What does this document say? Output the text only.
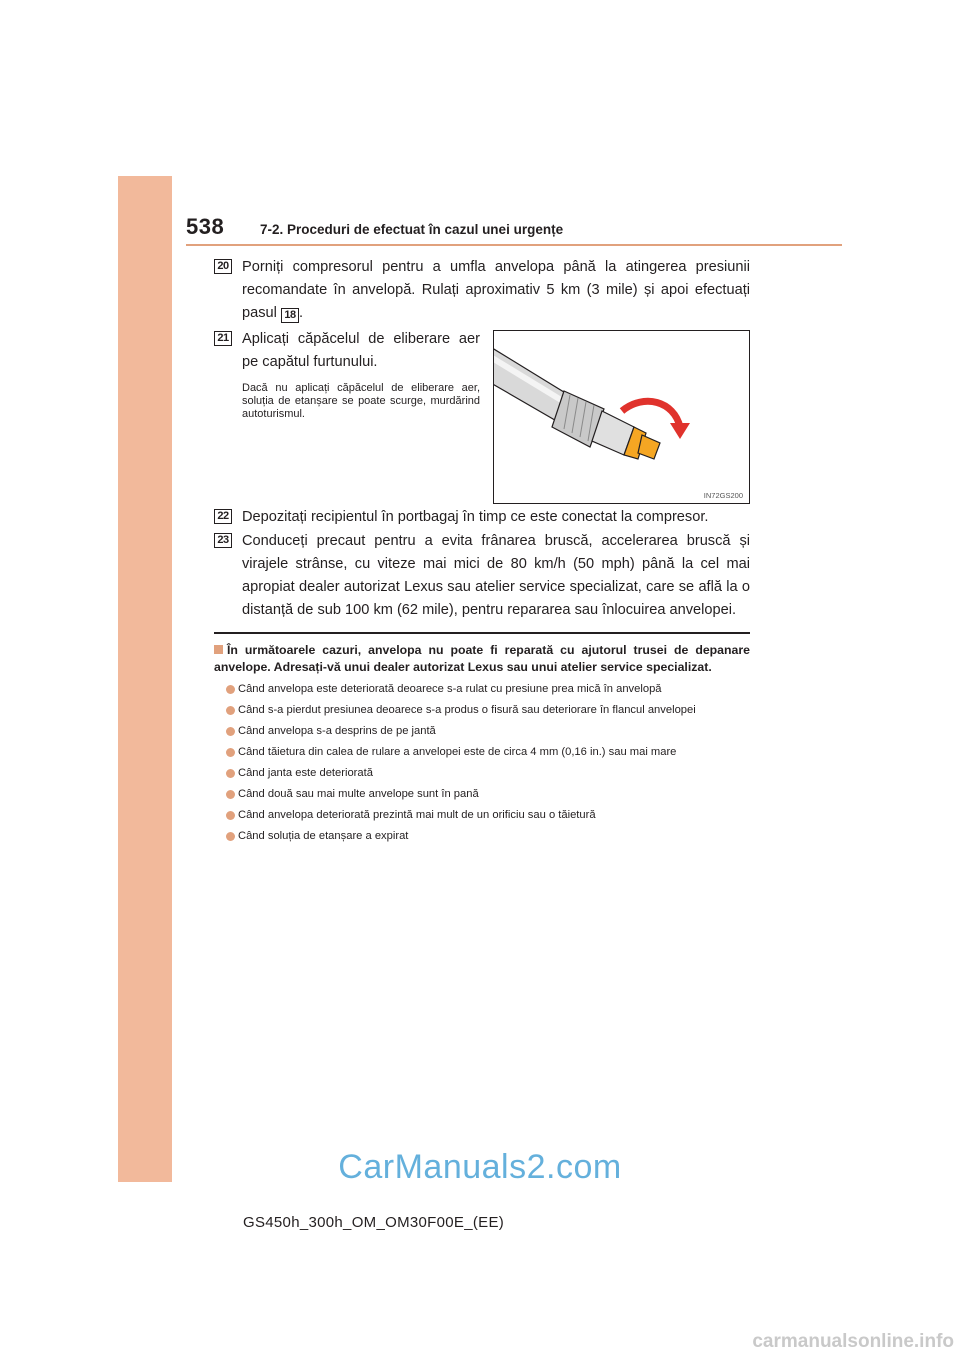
538	7-2. Proceduri de efectuat în cazul unei urgențe
20 Porniți compresorul pentru a umfla anvelopa până la atingerea presiunii recomandate în anvelopă. Rulați aproximativ 5 km (3 mile) și apoi efectuați pasul 18 .
21 Aplicați căpăcelul de eliberare aer pe capătul furtunului.
Dacă nu aplicați căpăcelul de eliberare aer, soluția de etanșare se poate scurge, murdărind autoturismul.
IN72GS200
22 Depozitați recipientul în portbagaj în timp ce este conectat la compresor.
23 Conduceți precaut pentru a evita frânarea bruscă, accelerarea bruscă și virajele strânse, cu viteze mai mici de 80 km/h (50 mph) până la cel mai apropiat dealer autorizat Lexus sau atelier service specializat, care se află la o distanță de sub 100 km (62 mile), pentru repararea sau înlocuirea anvelopei.
În următoarele cazuri, anvelopa nu poate fi reparată cu ajutorul trusei de depanare anvelope. Adresați-vă unui dealer autorizat Lexus sau unui atelier service specializat.
Când anvelopa este deteriorată deoarece s-a rulat cu presiune prea mică în anvelopă
Când s-a pierdut presiunea deoarece s-a produs o fisură sau deteriorare în flancul anvelopei
Când anvelopa s-a desprins de pe jantă
Când tăietura din calea de rulare a anvelopei este de circa 4 mm (0,16 in.) sau mai mare
Când janta este deteriorată
Când două sau mai multe anvelope sunt în pană
Când anvelopa deteriorată prezintă mai mult de un orificiu sau o tăietură
Când soluția de etanșare a expirat
CarManuals2.com
GS450h_300h_OM_OM30F00E_(EE)
carmanualsonline.info
